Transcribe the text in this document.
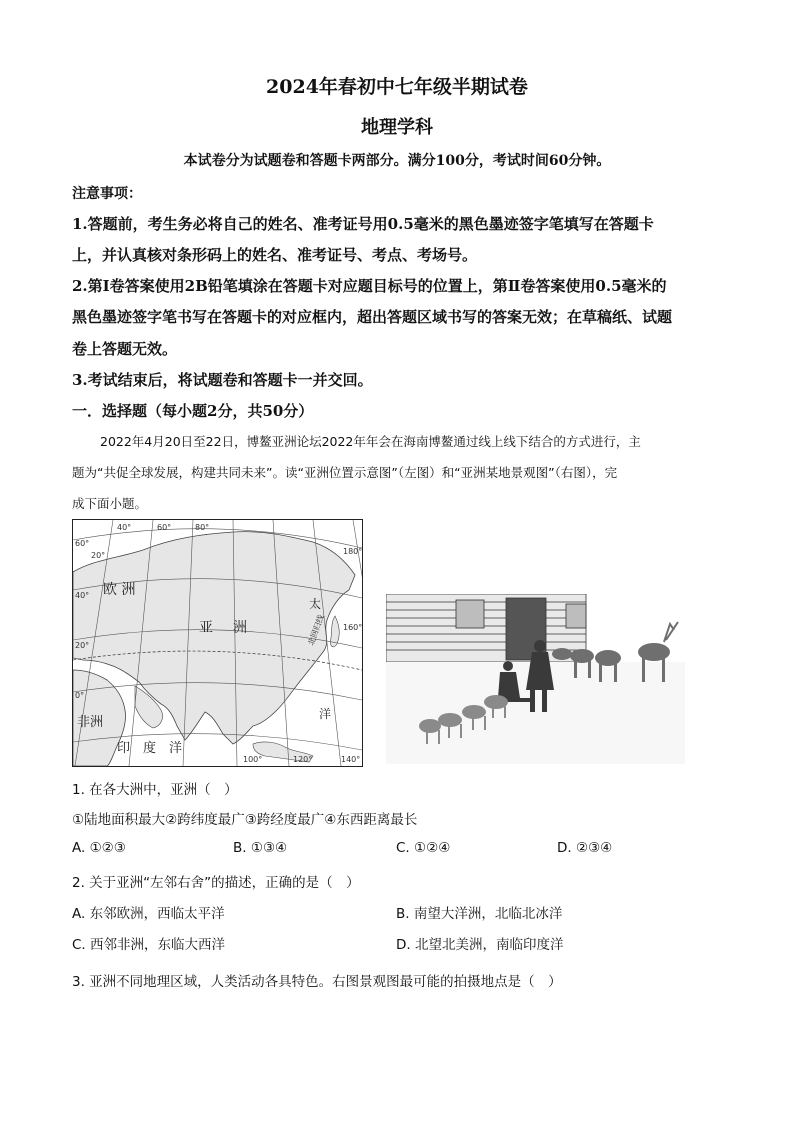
2024年春初中七年级半期试卷
地理学科
本试卷分为试题卷和答题卡两部分。满分100分，考试时间60分钟。
注意事项：
1.答题前，考生务必将自己的姓名、准考证号用0.5毫米的黑色墨迹签字笔填写在答题卡
上，并认真核对条形码上的姓名、准考证号、考点、考场号。
2.第Ⅰ卷答案使用2B铅笔填涂在答题卡对应题目标号的位置上，第Ⅱ卷答案使用0.5毫米的
黑色墨迹签字笔书写在答题卡的对应框内，超出答题区域书写的答案无效；在草稿纸、试题
卷上答题无效。
3.考试结束后，将试题卷和答题卡一并交回。
一．选择题（每小题2分，共50分）
2022年4月20日至22日，博鳌亚洲论坛2022年年会在海南博鳌通过线上线下结合的方式进行，主
题为“共促全球发展，构建共同未来”。读“亚洲位置示意图”（左图）和“亚洲某地景观图”（右图），完
成下面小题。
欧 洲
亚 洲
非洲
印　度　洋
太
洋
北回归线
60°
40°
20°
0°
180°
160°
140°
120°
100°
80°
60°
40°
20°
1. 在各大洲中，亚洲（　）
①陆地面积最大②跨纬度最广③跨经度最广④东西距离最长
A. ①②③	B. ①③④	C. ①②④	D. ②③④
2. 关于亚洲“左邻右舍”的描述，正确的是（　）
A. 东邻欧洲，西临太平洋	B. 南望大洋洲，北临北冰洋
C. 西邻非洲，东临大西洋	D. 北望北美洲，南临印度洋
3. 亚洲不同地理区域，人类活动各具特色。右图景观图最可能的拍摄地点是（　）
